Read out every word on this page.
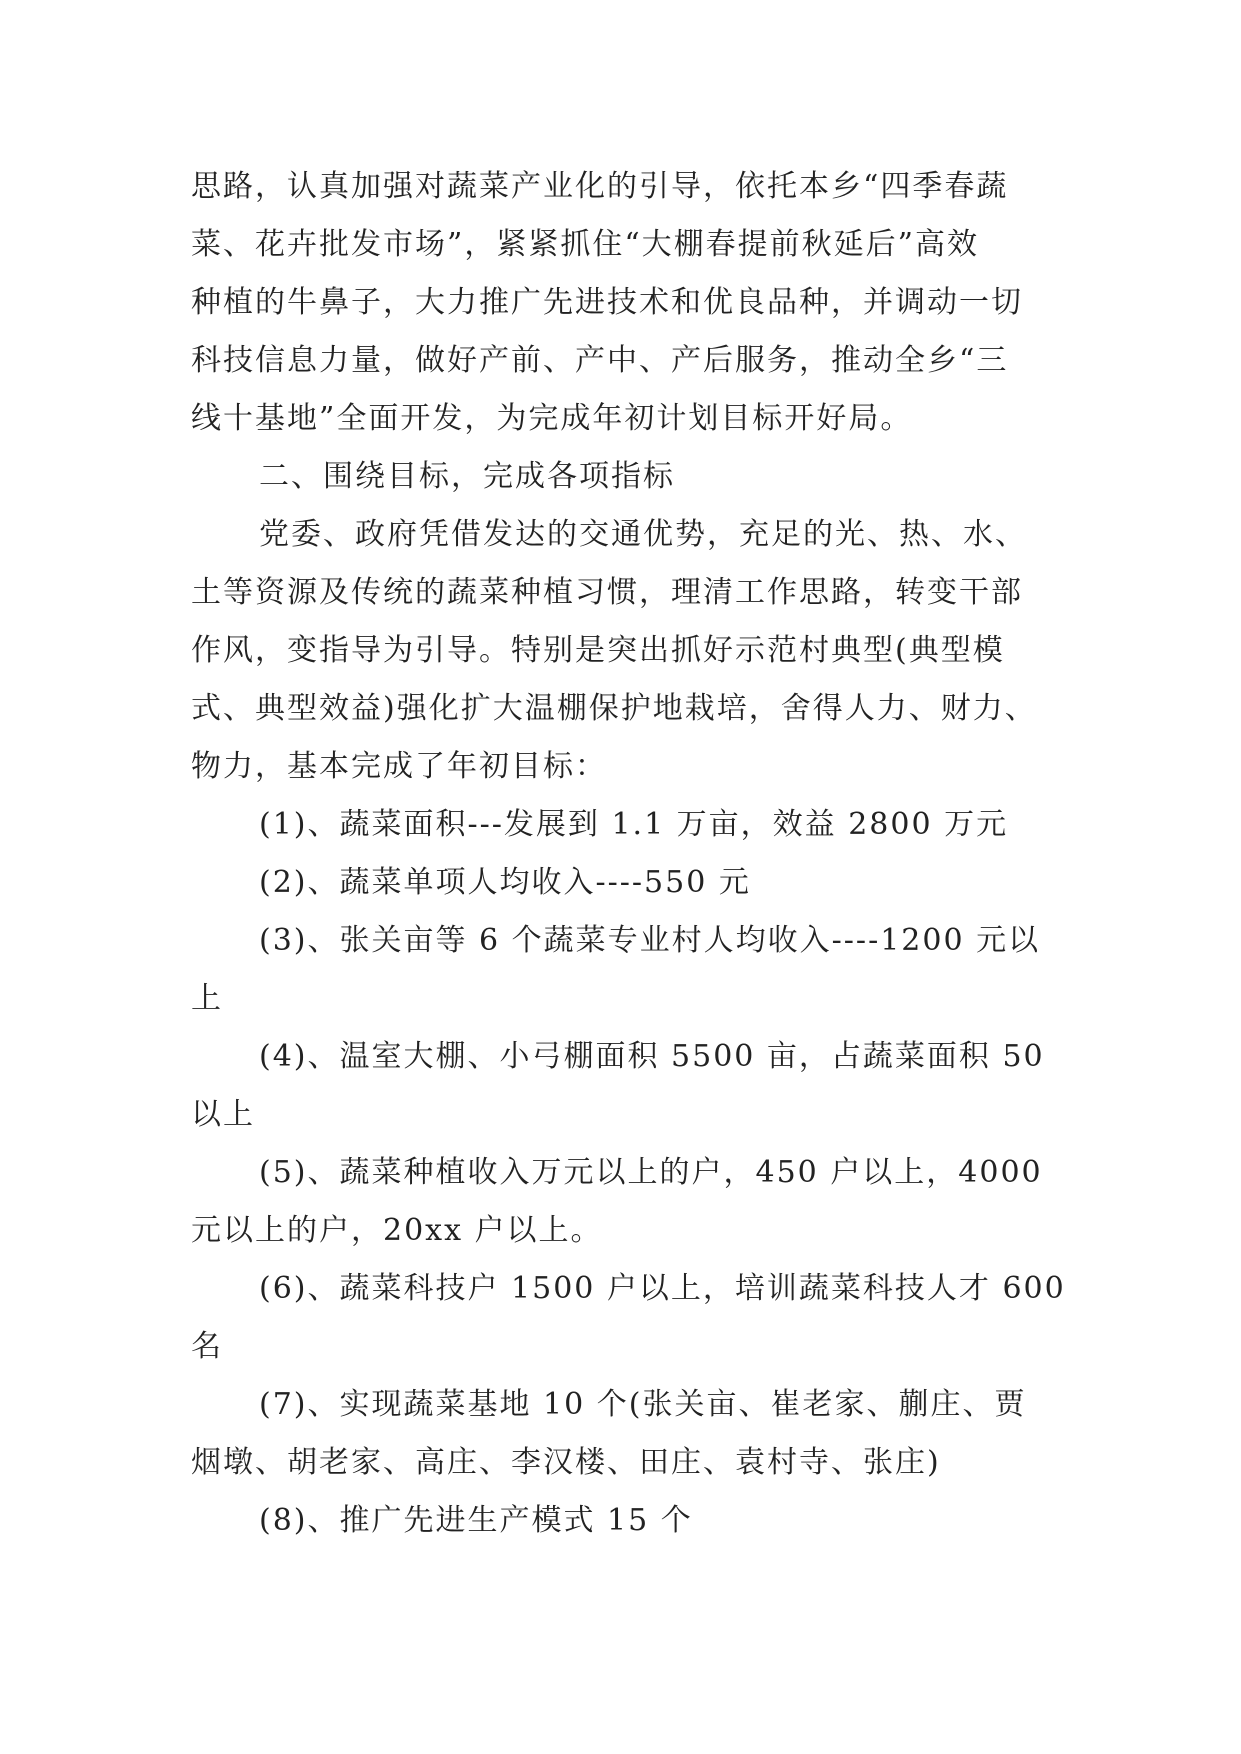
思路，认真加强对蔬菜产业化的引导，依托本乡“四季春蔬
菜、花卉批发市场”，紧紧抓住“大棚春提前秋延后”高效
种植的牛鼻子，大力推广先进技术和优良品种，并调动一切
科技信息力量，做好产前、产中、产后服务，推动全乡“三
线十基地”全面开发，为完成年初计划目标开好局。
二、围绕目标，完成各项指标
党委、政府凭借发达的交通优势，充足的光、热、水、
土等资源及传统的蔬菜种植习惯，理清工作思路，转变干部
作风，变指导为引导。特别是突出抓好示范村典型(典型模
式、典型效益)强化扩大温棚保护地栽培，舍得人力、财力、
物力，基本完成了年初目标：
(1)、蔬菜面积---发展到 1.1 万亩，效益 2800 万元
(2)、蔬菜单项人均收入----550 元
(3)、张关亩等 6 个蔬菜专业村人均收入----1200 元以
上
(4)、温室大棚、小弓棚面积 5500 亩，占蔬菜面积 50
以上
(5)、蔬菜种植收入万元以上的户，450 户以上，4000
元以上的户，20xx 户以上。
(6)、蔬菜科技户 1500 户以上，培训蔬菜科技人才 600
名
(7)、实现蔬菜基地 10 个(张关亩、崔老家、蒯庄、贾
烟墩、胡老家、高庄、李汉楼、田庄、袁村寺、张庄)
(8)、推广先进生产模式 15 个
